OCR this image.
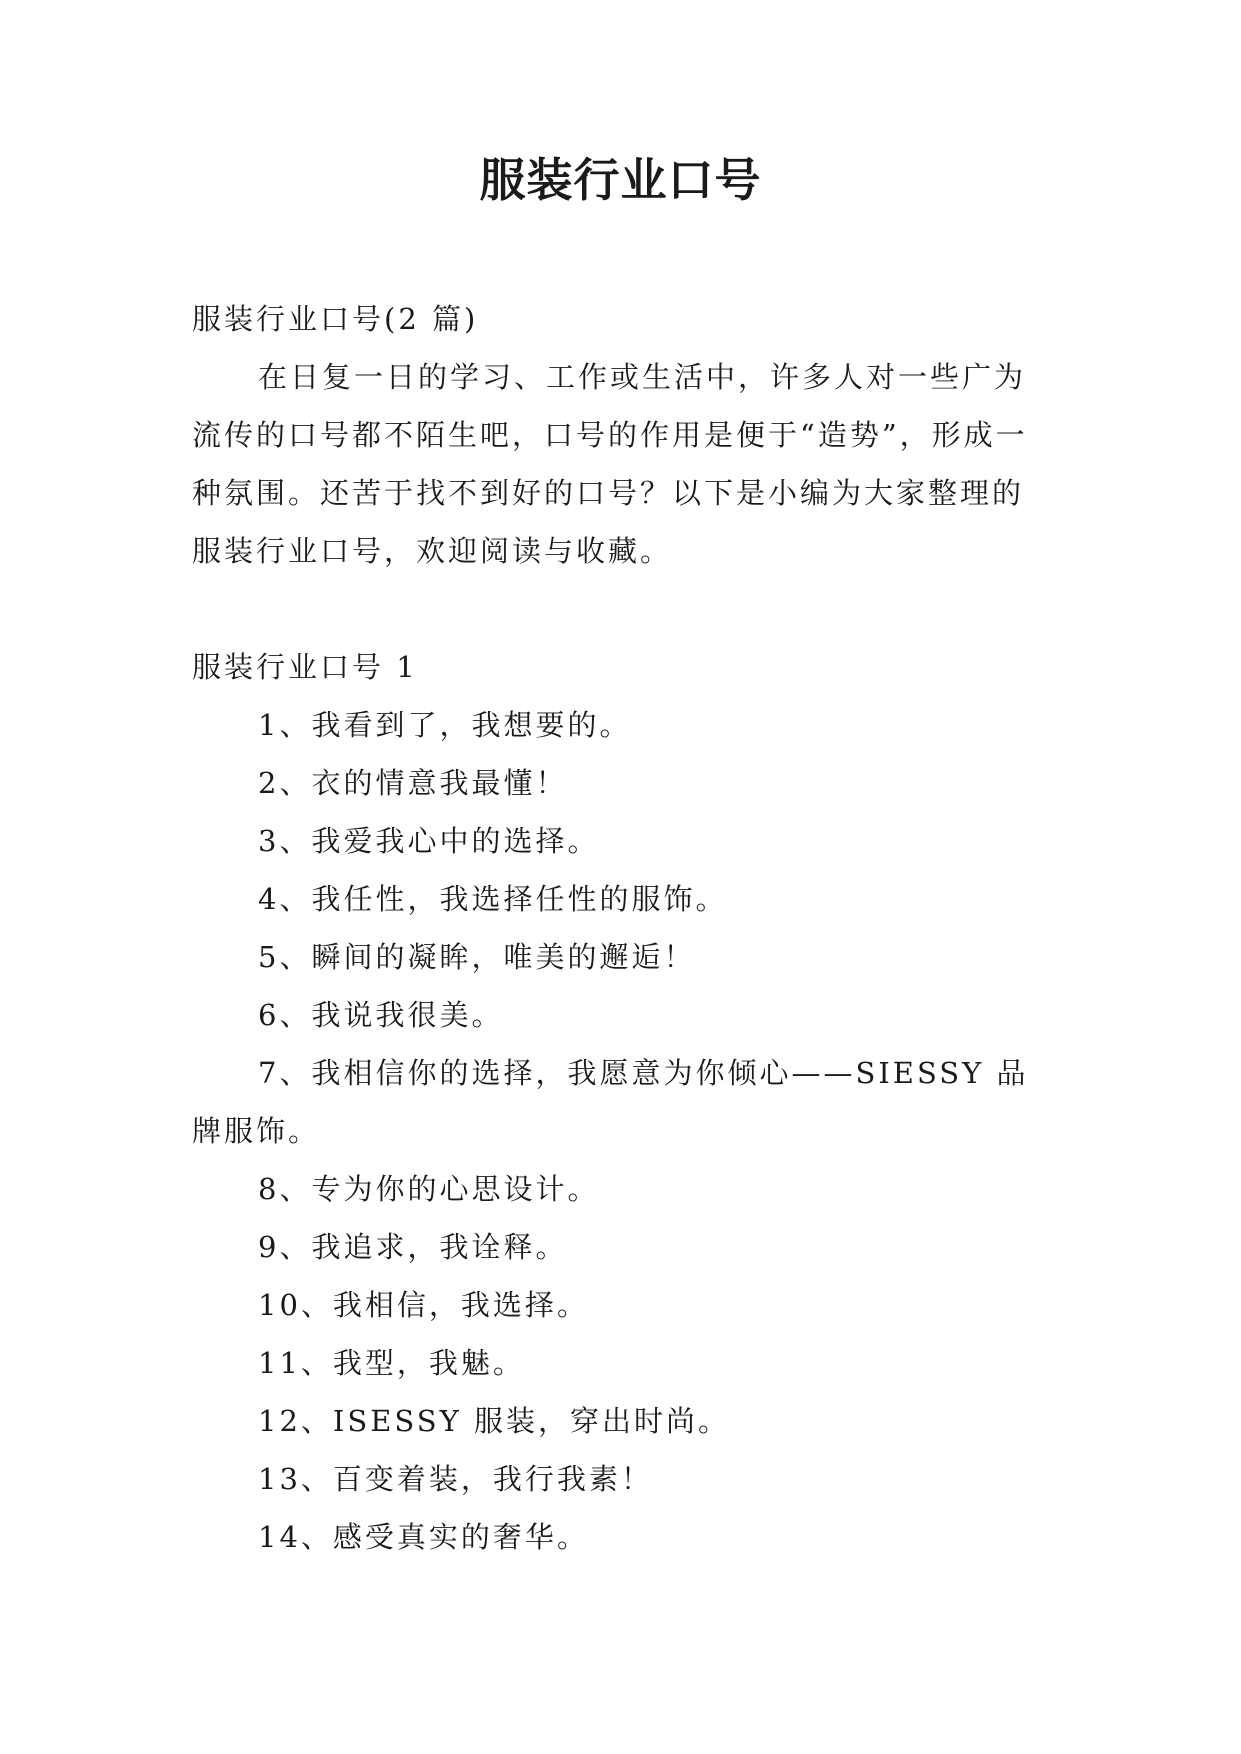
服装行业口号

服装行业口号(2 篇)

在日复一日的学习、工作或生活中，许多人对一些广为流传的口号都不陌生吧，口号的作用是便于“造势”，形成一种氛围。还苦于找不到好的口号？以下是小编为大家整理的服装行业口号，欢迎阅读与收藏。

服装行业口号 1

1、我看到了，我想要的。

2、衣的情意我最懂！

3、我爱我心中的选择。

4、我任性，我选择任性的服饰。

5、瞬间的凝眸，唯美的邂逅！

6、我说我很美。

7、我相信你的选择，我愿意为你倾心——SIESSY 品牌服饰。

8、专为你的心思设计。

9、我追求，我诠释。

10、我相信，我选择。

11、我型，我魅。

12、ISESSY 服装，穿出时尚。

13、百变着装，我行我素！

14、感受真实的奢华。
